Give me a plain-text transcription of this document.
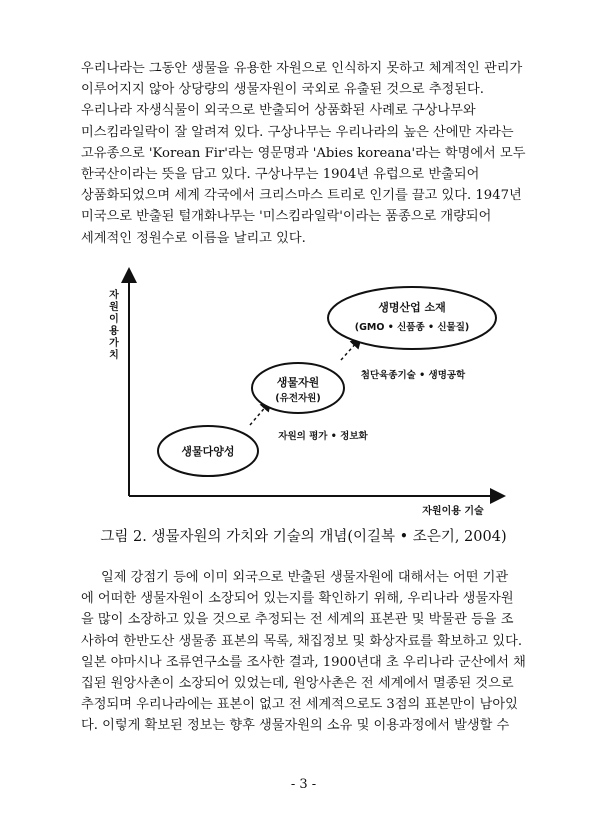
우리나라는 그동안 생물을 유용한 자원으로 인식하지 못하고 체계적인 관리가
이루어지지 않아 상당량의 생물자원이 국외로 유출된 것으로 추정된다.
우리나라 자생식물이 외국으로 반출되어 상품화된 사례로 구상나무와
미스킴라일락이 잘 알려져 있다. 구상나무는 우리나라의 높은 산에만 자라는
고유종으로 'Korean Fir'라는 영문명과 'Abies koreana'라는 학명에서 모두
한국산이라는 뜻을 담고 있다. 구상나무는 1904년 유럽으로 반출되어
상품화되었으며 세계 각국에서 크리스마스 트리로 인기를 끌고 있다. 1947년
미국으로 반출된 털개화나무는 '미스킴라일락'이라는 품종으로 개량되어
세계적인 정원수로 이름을 날리고 있다.
자
원
이
용
가
치
자원이용 기술
생물다양성
자원의 평가 • 정보화
생물자원
(유전자원)
첨단육종기술 • 생명공학
생명산업 소재
(GMO • 신품종 • 신물질)
그림 2. 생물자원의 가치와 기술의 개념(이길복 • 조은기, 2004)
일제 강점기 등에 이미 외국으로 반출된 생물자원에 대해서는 어떤 기관
에 어떠한 생물자원이 소장되어 있는지를 확인하기 위해, 우리나라 생물자원
을 많이 소장하고 있을 것으로 추정되는 전 세계의 표본관 및 박물관 등을 조
사하여 한반도산 생물종 표본의 목록, 채집정보 및 화상자료를 확보하고 있다.
일본 야마시나 조류연구소를 조사한 결과, 1900년대 초 우리나라 군산에서 채
집된 원앙사촌이 소장되어 있었는데, 원앙사촌은 전 세계에서 멸종된 것으로
추정되며 우리나라에는 표본이 없고 전 세계적으로도 3점의 표본만이 남아있
다. 이렇게 확보된 정보는 향후 생물자원의 소유 및 이용과정에서 발생할 수
- 3 -
